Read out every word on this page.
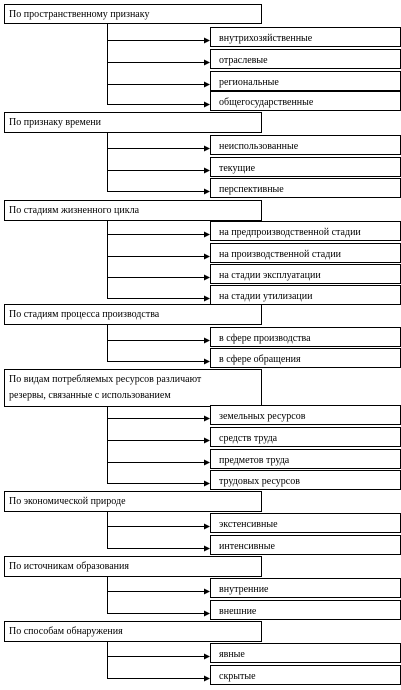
По пространственному признаку
внутрихозяйственные
отраслевые
региональные
общегосударственные
По признаку времени
неиспользованные
текущие
перспективные
По стадиям жизненного цикла
на предпроизводственной стадии
на производственной стадии
на стадии эксплуатации
на стадии утилизации
По стадиям процесса производства
в сфере производства
в сфере обращения
По видам потребляемых ресурсов различают резервы, связанные с использованием
земельных ресурсов
средств труда
предметов труда
трудовых ресурсов
По экономической природе
экстенсивные
интенсивные
По источникам образования
внутренние
внешние
По способам обнаружения
явные
скрытые
